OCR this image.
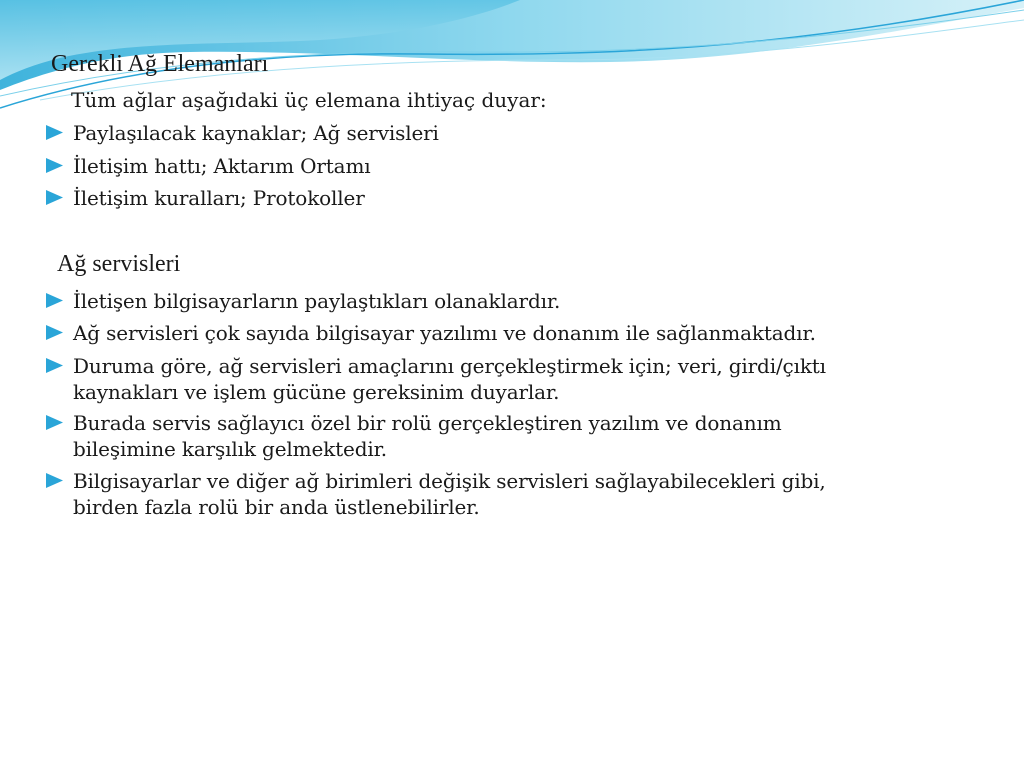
Gerekli Ağ Elemanları
Tüm ağlar aşağıdaki üç elemana ihtiyaç duyar:
Paylaşılacak kaynaklar; Ağ servisleri
İletişim hattı; Aktarım Ortamı
İletişim kuralları; Protokoller
Ağ servisleri
İletişen bilgisayarların paylaştıkları olanaklardır.
Ağ servisleri çok sayıda bilgisayar yazılımı ve donanım ile sağlanmaktadır.
Duruma göre, ağ servisleri amaçlarını gerçekleştirmek için; veri, girdi/çıktı
kaynakları ve işlem gücüne gereksinim duyarlar.
Burada servis sağlayıcı özel bir rolü gerçekleştiren yazılım ve donanım
bileşimine karşılık gelmektedir.
Bilgisayarlar ve diğer ağ birimleri değişik servisleri sağlayabilecekleri gibi,
birden fazla rolü bir anda üstlenebilirler.
